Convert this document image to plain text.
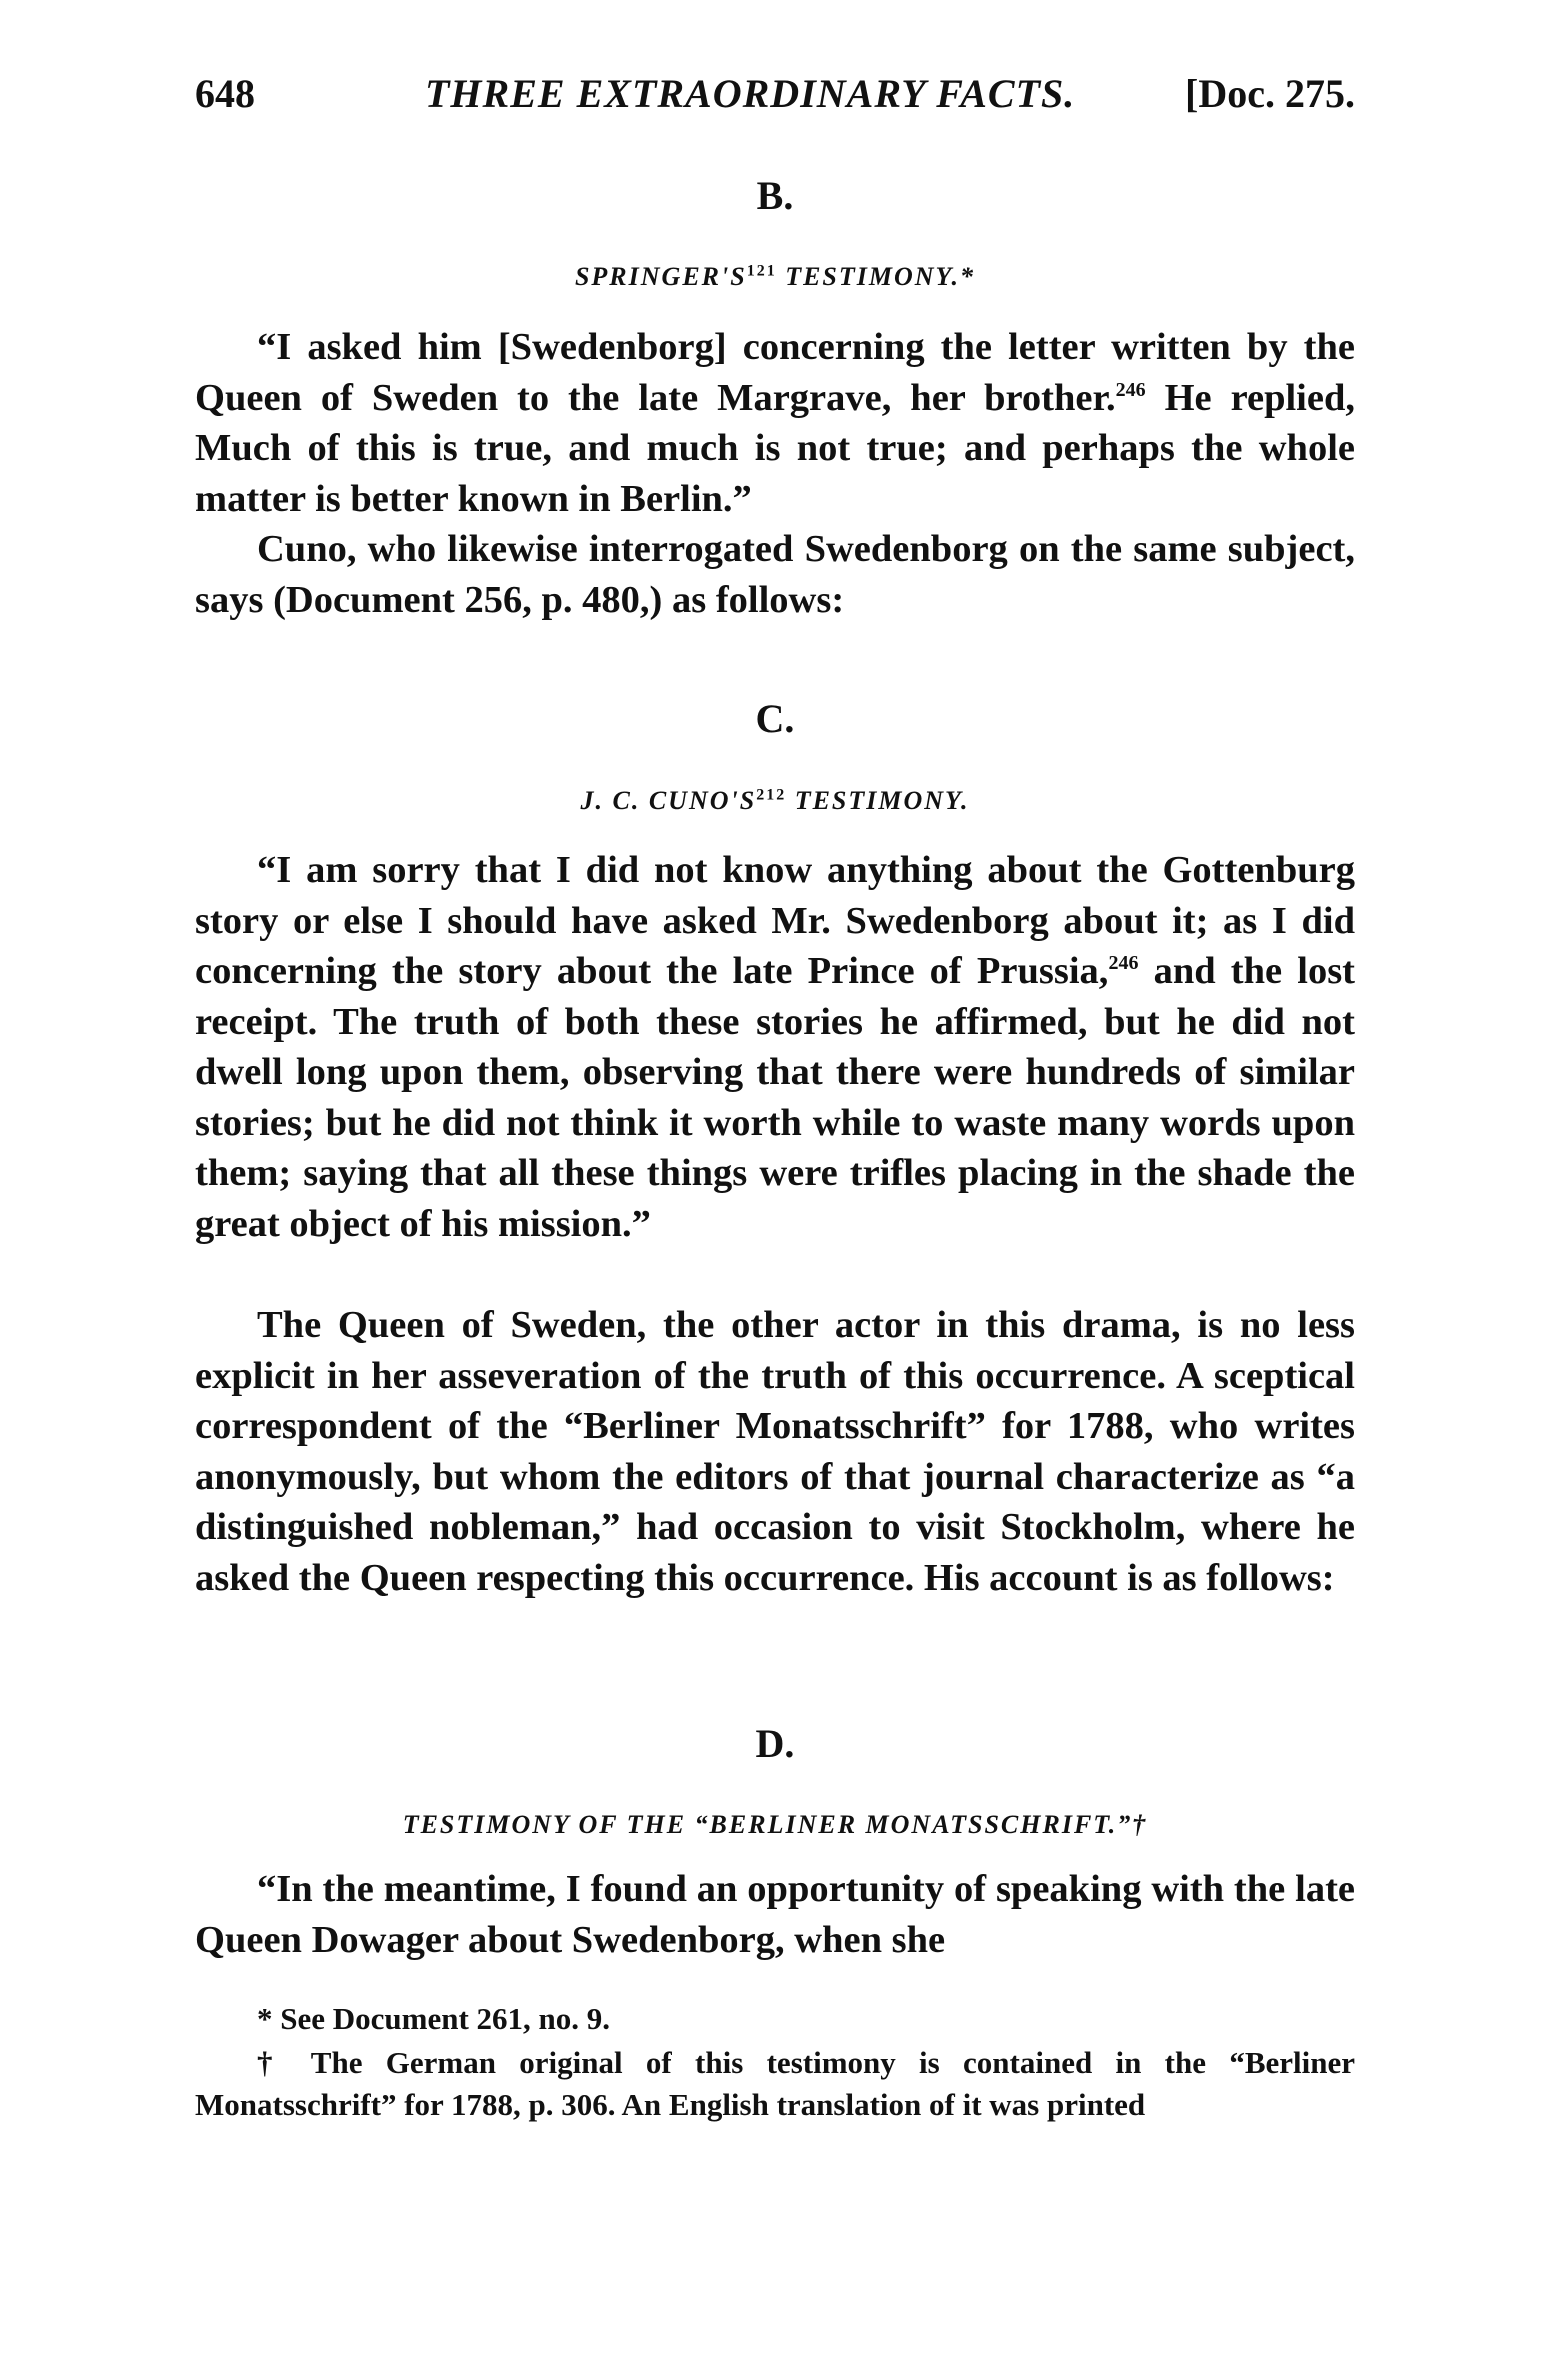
648	THREE EXTRAORDINARY FACTS.	[Doc. 275.
B.
$SPRINGER'S^{121}$ TESTIMONY.*

“I asked him [Swedenborg] concerning the letter written by the Queen of Sweden to the late Margrave, her brother.$^{246}$ He replied, Much of this is true, and much is not true; and perhaps the whole matter is better known in Berlin.”

Cuno, who likewise interrogated Swedenborg on the same subject, says (Document 256, p. 480,) as follows:

C.
J. C. $CUNO'S^{212}$ TESTIMONY.

“I am sorry that I did not know anything about the Gottenburg story or else I should have asked Mr. Swedenborg about it; as I did concerning the story about the late Prince of Prussia,$^{246}$ and the lost receipt. The truth of both these stories he affirmed, but he did not dwell long upon them, observing that there were hundreds of similar stories; but he did not think it worth while to waste many words upon them; saying that all these things were trifles placing in the shade the great object of his mission.”

The Queen of Sweden, the other actor in this drama, is no less explicit in her asseveration of the truth of this occurrence. A sceptical correspondent of the “Berliner Monatsschrift” for 1788, who writes anonymously, but whom the editors of that journal characterize as “a distinguished nobleman,” had occasion to visit Stockholm, where he asked the Queen respecting this occurrence. His account is as follows:

D.
TESTIMONY OF THE “BERLINER MONATSSCHRIFT.”†

“In the meantime, I found an opportunity of speaking with the late Queen Dowager about Swedenborg, when she

* See Document 261, no. 9.

† The German original of this testimony is contained in the “Berliner Monatsschrift” for 1788, p. 306. An English translation of it was printed
